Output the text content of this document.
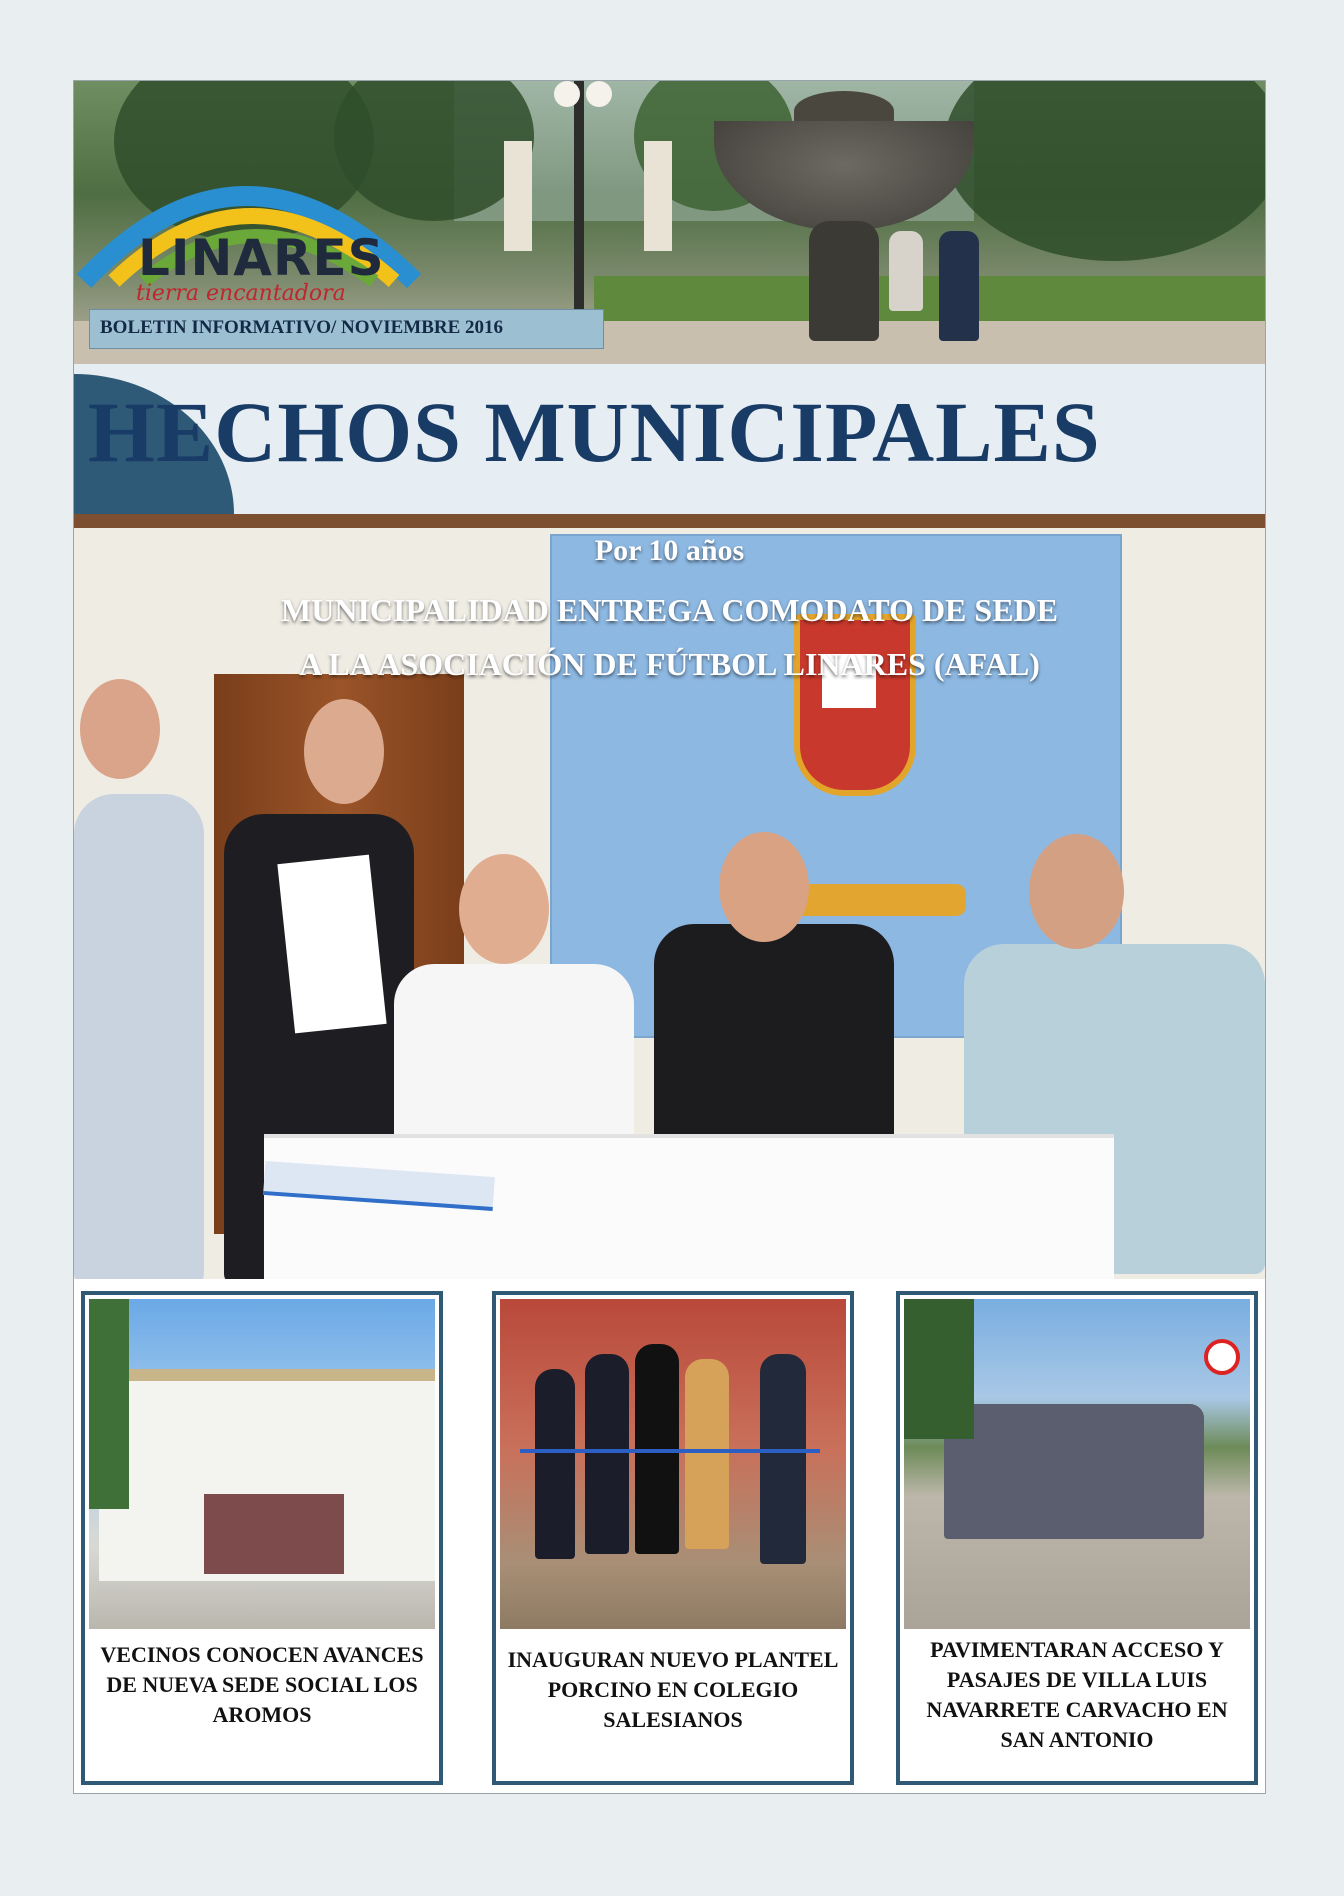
LINARES
tierra encantadora
BOLETIN INFORMATIVO/ NOVIEMBRE 2016
HECHOS MUNICIPALES
Por 10 años
MUNICIPALIDAD ENTREGA COMODATO DE SEDE
A LA ASOCIACIÓN DE FÚTBOL LINARES (AFAL)
VECINOS CONOCEN AVANCES DE NUEVA SEDE SOCIAL LOS AROMOS
INAUGURAN NUEVO PLANTEL PORCINO EN COLEGIO SALESIANOS
PAVIMENTARAN ACCESO Y PASAJES DE VILLA LUIS NAVARRETE CARVACHO EN SAN ANTONIO
